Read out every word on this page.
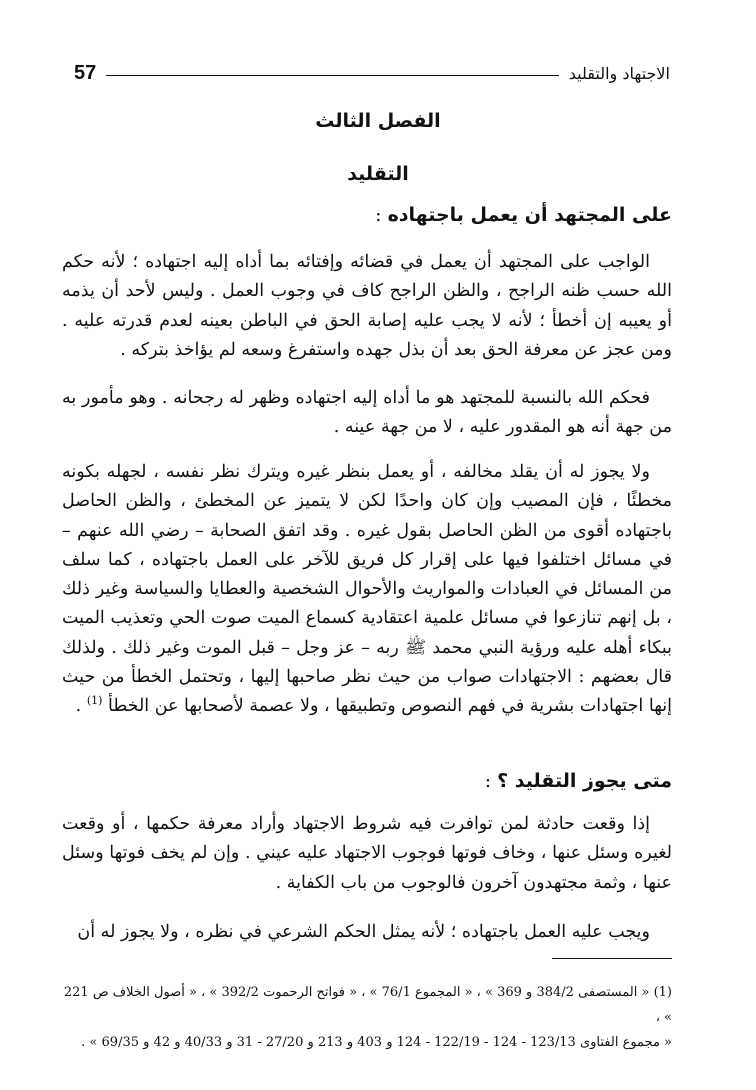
الاجتهاد والتقليد
57
الفصل الثالث
التقليد
على المجتهد أن يعمل باجتهاده:

الواجب على المجتهد أن يعمل في قضائه وإفتائه بما أداه إليه اجتهاده ؛ لأنه حكم الله حسب ظنه الراجح ، والظن الراجح كاف في وجوب العمل . وليس لأحد أن يذمه أو يعيبه إن أخطأ ؛ لأنه لا يجب عليه إصابة الحق في الباطن بعينه لعدم قدرته عليه . ومن عجز عن معرفة الحق بعد أن بذل جهده واستفرغ وسعه لم يؤاخذ بتركه .

فحكم الله بالنسبة للمجتهد هو ما أداه إليه اجتهاده وظهر له رجحانه . وهو مأمور به من جهة أنه هو المقدور عليه ، لا من جهة عينه .

ولا يجوز له أن يقلد مخالفه ، أو يعمل بنظر غيره ويترك نظر نفسه ، لجهله بكونه مخطئًا ، فإن المصيب وإن كان واحدًا لكن لا يتميز عن المخطئ ، والظن الحاصل باجتهاده أقوى من الظن الحاصل بقول غيره . وقد اتفق الصحابة – رضي الله عنهم – في مسائل اختلفوا فيها على إقرار كل فريق للآخر على العمل باجتهاده ، كما سلف من المسائل في العبادات والمواريث والأحوال الشخصية والعطايا والسياسة وغير ذلك ، بل إنهم تنازعوا في مسائل علمية اعتقادية كسماع الميت صوت الحي وتعذيب الميت ببكاء أهله عليه ورؤية النبي محمد ﷺ ربه – عز وجل – قبل الموت وغير ذلك . ولذلك قال بعضهم : الاجتهادات صواب من حيث نظر صاحبها إليها ، وتحتمل الخطأ من حيث إنها اجتهادات بشرية في فهم النصوص وتطبيقها ، ولا عصمة لأصحابها عن الخطأ $^{(1)}$ .

متى يجوز التقليد ؟:

إذا وقعت حادثة لمن توافرت فيه شروط الاجتهاد وأراد معرفة حكمها ، أو وقعت لغيره وسئل عنها ، وخاف فوتها فوجوب الاجتهاد عليه عيني . وإن لم يخف فوتها وسئل عنها ، وثمة مجتهدون آخرون فالوجوب من باب الكفاية .

ويجب عليه العمل باجتهاده ؛ لأنه يمثل الحكم الشرعي في نظره ، ولا يجوز له أن

(1) « المستصفى 384/2 و 369 » ، « المجموع 76/1 » ، « فواتح الرحموت 392/2 » ، « أصول الخلاف ص 221 » ،
« مجموع الفتاوى 123/13 - 124 - 122/19 - 124 و 403 و 213 و 27/20 - 31 و 40/33 و 42 و 69/35 » .
